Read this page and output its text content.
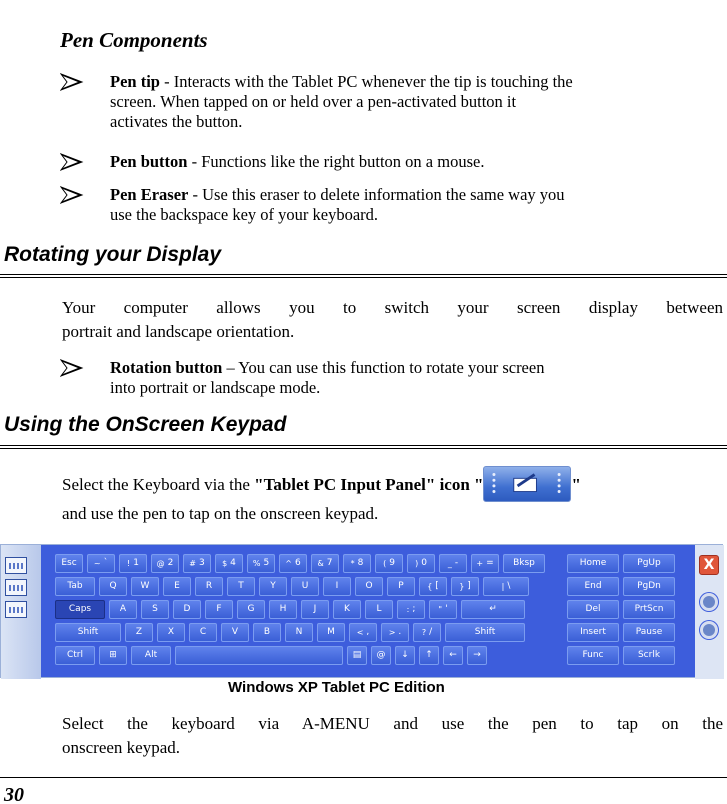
Pen Components
Pen tip - Interacts with the Tablet PC whenever the tip is touching the
screen. When tapped on or held over a pen-activated button it
activates the button.
Pen button - Functions like the right button on a mouse.
Pen Eraser - Use this eraser to delete information the same way you
use the backspace key of your keyboard.
Rotating your Display
Your computer allows you to switch your screen display between
portrait and landscape orientation.
Rotation button – You can use this function to rotate your screen
into portrait or landscape mode.
Using the OnScreen Keypad
Select the Keyboard via the "Tablet PC Input Panel" icon "	"
and use the pen to tap on the onscreen keypad.
Esc	~ `	! 1	@ 2	# 3	$ 4	% 5	^ 6	& 7	* 8	( 9	) 0	_ -	+ =	Bksp
Tab	Q	W	E	R	T	Y	U	I	O	P	{ [	} ]	| \
Caps	A	S	D	F	G	H	J	K	L	: ;	" '	↵
Shift	Z	X	C	V	B	N	M	< ,	> .	? /	Shift
Ctrl	⊞	Alt	▤	@	↓	↑	←	→
Home	PgUp
End	PgDn
Del	PrtScn
Insert	Pause
Func	Scrlk
X
Windows XP Tablet PC Edition
Select the keyboard via A-MENU and use the pen to tap on the
onscreen keypad.
30
